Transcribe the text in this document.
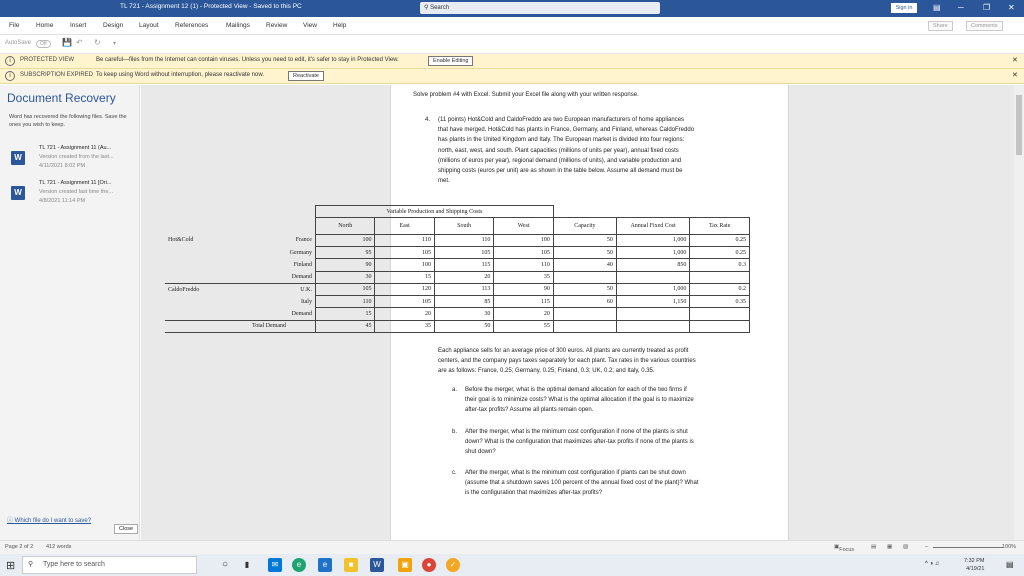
TL 721 - Assignment 12 (1) - Protected View - Saved to this PC	⚲ Search	Sign in	▤ ─ ❐ ✕
File	Home	Insert	Design Layout	References	Mailings Review View Help	Share	Comments
AutoSave	Off	💾 ↶ ↻ ▾
i	PROTECTED VIEW	Be careful—files from the Internet can contain viruses. Unless you need to edit, it's safer to stay in Protected View.	Enable Editing	✕
i	SUBSCRIPTION EXPIRED To keep using Word without interruption, please reactivate now.	Reactivate	✕
Document Recovery
Word has recovered the following files. Save the ones you wish to keep.
W
TL 721 - Assignment 11 (Au...
Version created from the last...
4/11/2021 8:02 PM
W
TL 721 - Assignment 11 [Ori...
Version created last time the...
4/8/2021 11:14 PM
ⓘ Which file do I want to save?
Close
Solve problem #4 with Excel. Submit your Excel file along with your written response.
4.
		Variable Production and Shipping Costs						
		North	East	South	West	Capacity	Annual Fixed Cost	Tax Rate
Hot&Cold	France	100	110	110	100	50	1,000	0.25
	Germany	95	105	105	105	50	1,000	0.25
	Finland	90	100	115	110	40	850	0.3
	Demand	30	15	20	35			
CaldoFreddo	U.K.	105	120	113	90	50	1,000	0.2
	Italy	110	105	85	115	60	1,150	0.35
	Demand	15	20	30	20			
	Total Demand	45	35	50	55			
Page 2 of 2 412 words	▣ Focus	▤ ▦ ▧	–	100%
⊞	Type here to search
⚲	○	▮	✉	e	e	■	W	▣	●	✓	^ ◑ ♫	7:32 PM
4/19/21	▤
(11 points) Hot&Cold and CaldoFreddo are two European manufacturers of home appliances
that have merged. Hot&Cold has plants in France, Germany, and Finland, whereas CaldoFreddo
has plants in the United Kingdom and Italy. The European market is divided into four regions:
north, east, west, and south. Plant capacities (millions of units per year), annual fixed costs
(millions of euros per year), regional demand (millions of units), and variable production and
shipping costs (euros per unit) are as shown in the table below. Assume all demand must be
met.
Each appliance sells for an average price of 300 euros. All plants are currently treated as profit
centers, and the company pays taxes separately for each plant. Tax rates in the various countries
are as follows: France, 0.25; Germany, 0.25; Finland, 0.3; UK, 0.2; and Italy, 0.35.
a. Before the merger, what is the optimal demand allocation for each of the two firms if
their goal is to minimize costs? What is the optimal allocation if the goal is to maximize
after-tax profits? Assume all plants remain open.
b. After the merger, what is the minimum cost configuration if none of the plants is shut
down? What is the configuration that maximizes after-tax profits if none of the plants is
shut down?
c. After the merger, what is the minimum cost configuration if plants can be shut down
(assume that a shutdown saves 100 percent of the annual fixed cost of the plant)? What
is the configuration that maximizes after-tax profits?
